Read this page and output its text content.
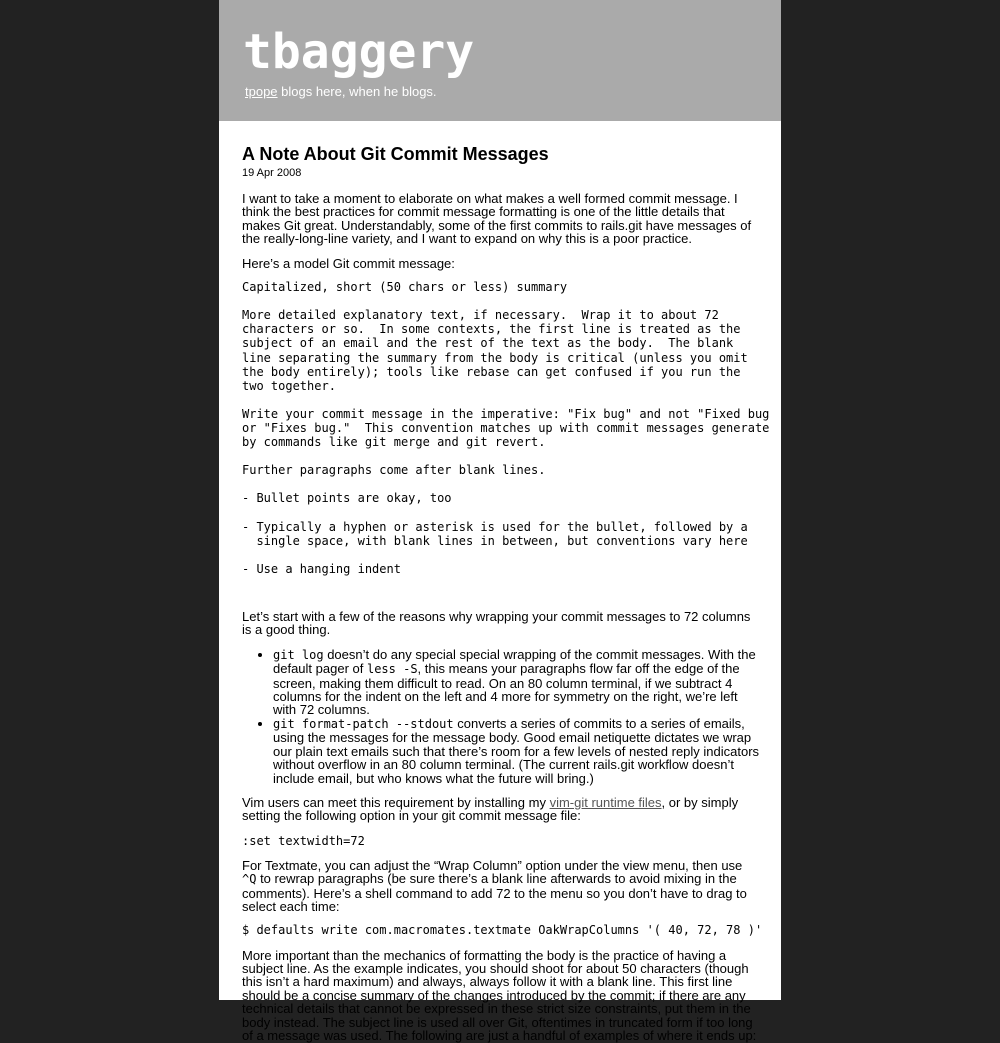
tbaggery

tpope blogs here, when he blogs.

A Note About Git Commit Messages

19 Apr 2008

I want to take a moment to elaborate on what makes a well formed commit message. I think the best practices for commit message formatting is one of the little details that makes Git great. Understandably, some of the first commits to rails.git have messages of the really-long-line variety, and I want to expand on why this is a poor practice.

Here’s a model Git commit message:

Capitalized, short (50 chars or less) summary

More detailed explanatory text, if necessary.  Wrap it to about 72
characters or so.  In some contexts, the first line is treated as the
subject of an email and the rest of the text as the body.  The blank
line separating the summary from the body is critical (unless you omit
the body entirely); tools like rebase can get confused if you run the
two together.

Write your commit message in the imperative: "Fix bug" and not "Fixed bug
or "Fixes bug."  This convention matches up with commit messages generate
by commands like git merge and git revert.

Further paragraphs come after blank lines.

- Bullet points are okay, too

- Typically a hyphen or asterisk is used for the bullet, followed by a
single space, with blank lines in between, but conventions vary here

- Use a hanging indent

Let’s start with a few of the reasons why wrapping your commit messages to 72 columns is a good thing.

• git log doesn’t do any special special wrapping of the commit messages. With the default pager of less -S, this means your paragraphs flow far off the edge of the screen, making them difficult to read. On an 80 column terminal, if we subtract 4 columns for the indent on the left and 4 more for symmetry on the right, we’re left with 72 columns.
• git format-patch --stdout converts a series of commits to a series of emails, using the messages for the message body. Good email netiquette dictates we wrap our plain text emails such that there’s room for a few levels of nested reply indicators without overflow in an 80 column terminal. (The current rails.git workflow doesn’t include email, but who knows what the future will bring.)

Vim users can meet this requirement by installing my vim-git runtime files, or by simply setting the following option in your git commit message file:

:set textwidth=72

For Textmate, you can adjust the “Wrap Column” option under the view menu, then use ^Q to rewrap paragraphs (be sure there’s a blank line afterwards to avoid mixing in the comments). Here’s a shell command to add 72 to the menu so you don’t have to drag to select each time:

$ defaults write com.macromates.textmate OakWrapColumns '( 40, 72, 78 )'

More important than the mechanics of formatting the body is the practice of having a subject line. As the example indicates, you should shoot for about 50 characters (though this isn’t a hard maximum) and always, always follow it with a blank line. This first line should be a concise summary of the changes introduced by the commit; if there are any technical details that cannot be expressed in these strict size constraints, put them in the body instead. The subject line is used all over Git, oftentimes in truncated form if too long of a message was used. The following are just a handful of examples of where it ends up:
